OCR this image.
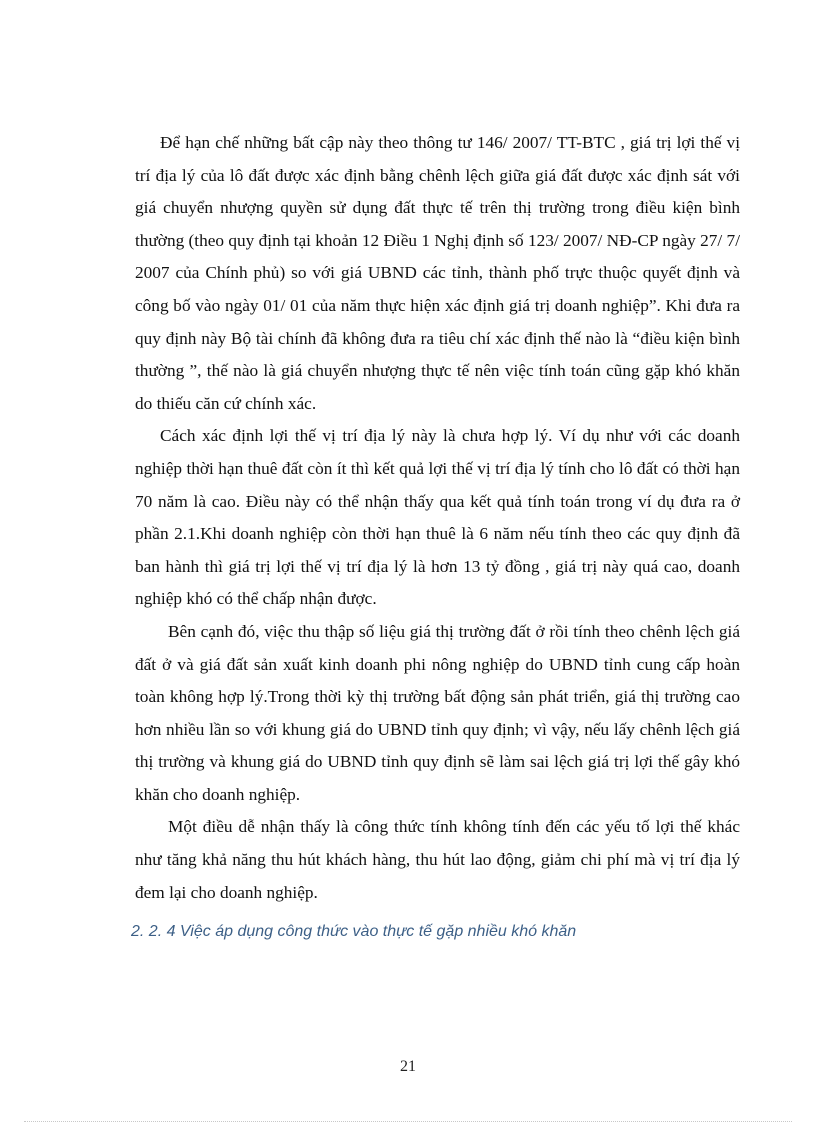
Để hạn chế những bất cập này theo thông tư 146/ 2007/ TT-BTC , giá trị lợi thế vị trí địa lý của lô đất được xác định bằng chênh lệch giữa giá đất được xác định sát với giá chuyển nhượng quyền sử dụng đất thực tế trên thị trường trong điều kiện bình thường (theo quy định tại khoản 12 Điều 1 Nghị định số 123/ 2007/ NĐ-CP ngày 27/ 7/ 2007 của Chính phủ) so với giá UBND các tỉnh, thành phố trực thuộc quyết định và công bố vào ngày 01/ 01 của năm thực hiện xác định giá trị doanh nghiệp”. Khi đưa ra quy định này Bộ tài chính đã không đưa ra tiêu chí xác định thế nào là “điều kiện bình thường ”, thế nào là giá chuyển nhượng thực tế nên việc tính toán cũng gặp khó khăn do thiếu căn cứ chính xác.

Cách xác định lợi thế vị trí địa lý này là chưa hợp lý. Ví dụ như với các doanh nghiệp thời hạn thuê đất còn ít thì kết quả lợi thế vị trí địa lý tính cho lô đất có thời hạn 70 năm là cao. Điều này có thể nhận thấy qua kết quả tính toán trong ví dụ đưa ra ở phần 2.1.Khi doanh nghiệp còn thời hạn thuê là 6 năm nếu tính theo các quy định đã ban hành thì giá trị lợi thế vị trí địa lý là hơn 13 tỷ đồng , giá trị này quá cao, doanh nghiệp khó có thể chấp nhận được.

Bên cạnh đó, việc thu thập số liệu giá thị trường đất ở rồi tính theo chênh lệch giá đất ở và giá đất sản xuất kinh doanh phi nông nghiệp do UBND tỉnh cung cấp hoàn toàn không hợp lý.Trong thời kỳ thị trường bất động sản phát triển, giá thị trường cao hơn nhiều lần so với khung giá do UBND tỉnh quy định; vì vậy, nếu lấy chênh lệch giá thị trường và khung giá do UBND tỉnh quy định sẽ làm sai lệch giá trị lợi thế gây khó khăn cho doanh nghiệp.

Một điều dễ nhận thấy là công thức tính không tính đến các yếu tố lợi thế khác như tăng khả năng thu hút khách hàng, thu hút lao động, giảm chi phí mà vị trí địa lý đem lại cho doanh nghiệp.

2. 2. 4 Việc áp dụng công thức vào thực tế gặp nhiều khó khăn

21
